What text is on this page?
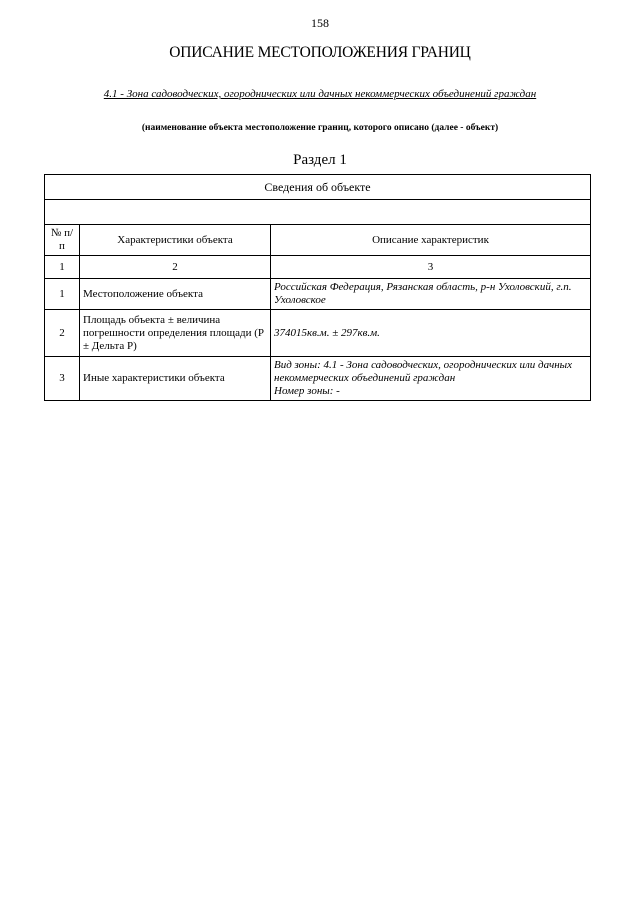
158
ОПИСАНИЕ МЕСТОПОЛОЖЕНИЯ ГРАНИЦ
4.1 - Зона садоводческих, огороднических или дачных некоммерческих объединений граждан
(наименование объекта местоположение границ, которого описано (далее - объект)
Раздел 1
Сведения об объекте		

№ п/п	Характеристики объекта	Описание характеристик
1	2	3
1	Местоположение объекта	Российская Федерация, Рязанская область, р-н Ухоловский, г.п. Ухоловское
2	Площадь объекта ± величина погрешности определения площади (Р ± Дельта Р)	374015кв.м. ± 297кв.м.
3	Иные характеристики объекта	Вид зоны: 4.1 - Зона садоводческих, огороднических или дачных некоммерческих объединений граждан
Номер зоны: -
